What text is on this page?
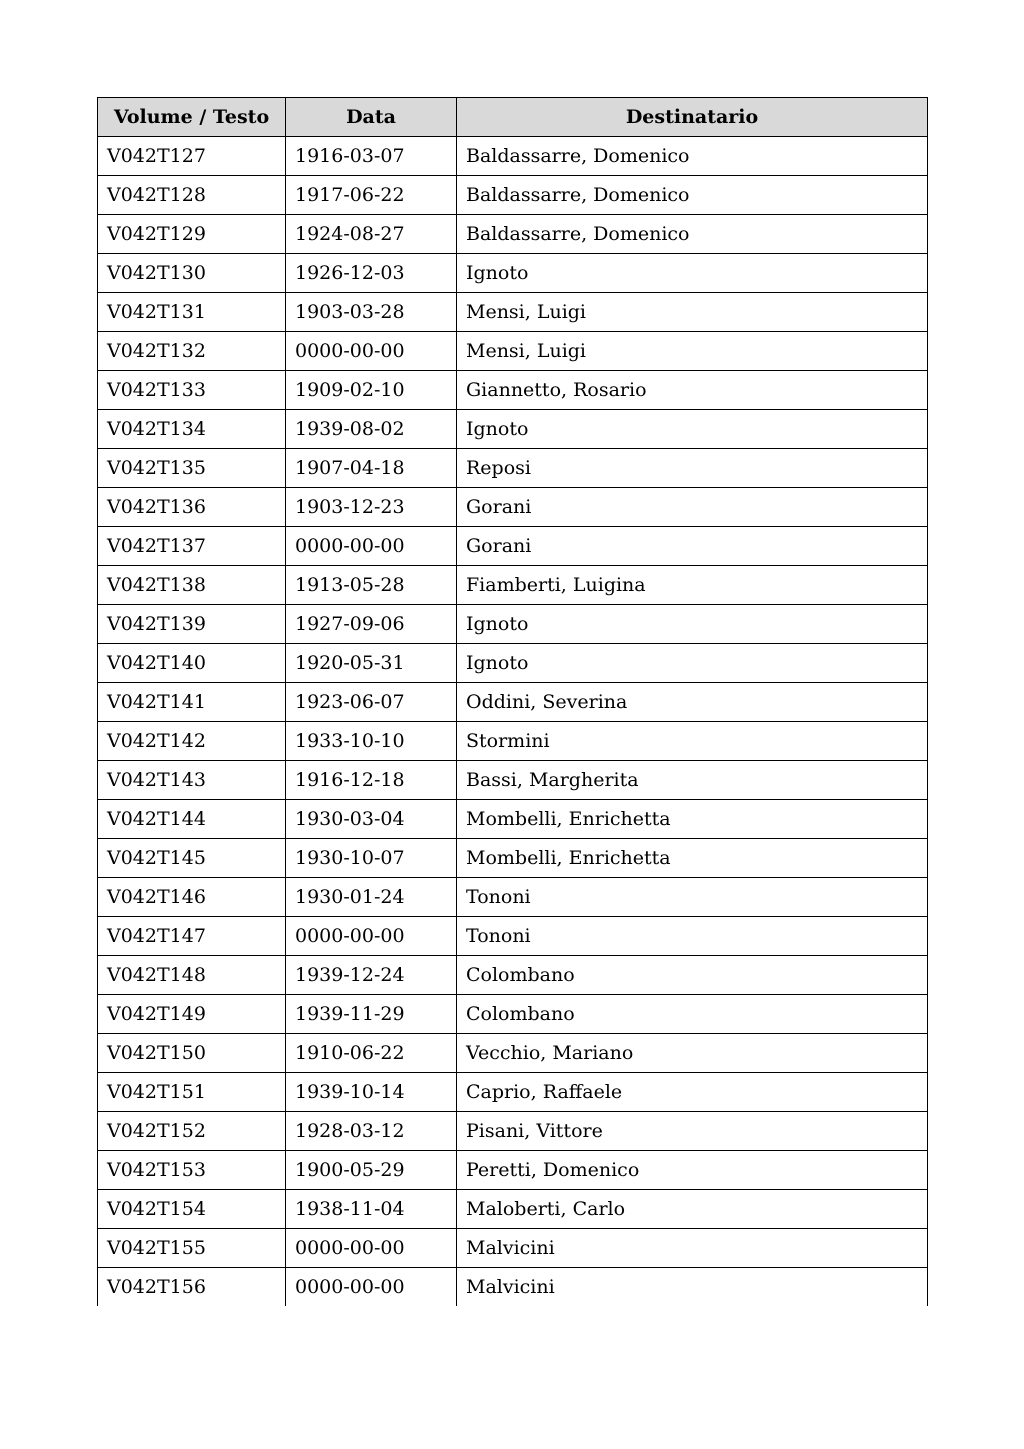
Volume / Testo	Data	Destinatario
V042T127	1916-03-07	Baldassarre, Domenico
V042T128	1917-06-22	Baldassarre, Domenico
V042T129	1924-08-27	Baldassarre, Domenico
V042T130	1926-12-03	Ignoto
V042T131	1903-03-28	Mensi, Luigi
V042T132	0000-00-00	Mensi, Luigi
V042T133	1909-02-10	Giannetto, Rosario
V042T134	1939-08-02	Ignoto
V042T135	1907-04-18	Reposi
V042T136	1903-12-23	Gorani
V042T137	0000-00-00	Gorani
V042T138	1913-05-28	Fiamberti, Luigina
V042T139	1927-09-06	Ignoto
V042T140	1920-05-31	Ignoto
V042T141	1923-06-07	Oddini, Severina
V042T142	1933-10-10	Stormini
V042T143	1916-12-18	Bassi, Margherita
V042T144	1930-03-04	Mombelli, Enrichetta
V042T145	1930-10-07	Mombelli, Enrichetta
V042T146	1930-01-24	Tononi
V042T147	0000-00-00	Tononi
V042T148	1939-12-24	Colombano
V042T149	1939-11-29	Colombano
V042T150	1910-06-22	Vecchio, Mariano
V042T151	1939-10-14	Caprio, Raffaele
V042T152	1928-03-12	Pisani, Vittore
V042T153	1900-05-29	Peretti, Domenico
V042T154	1938-11-04	Maloberti, Carlo
V042T155	0000-00-00	Malvicini
V042T156	0000-00-00	Malvicini
